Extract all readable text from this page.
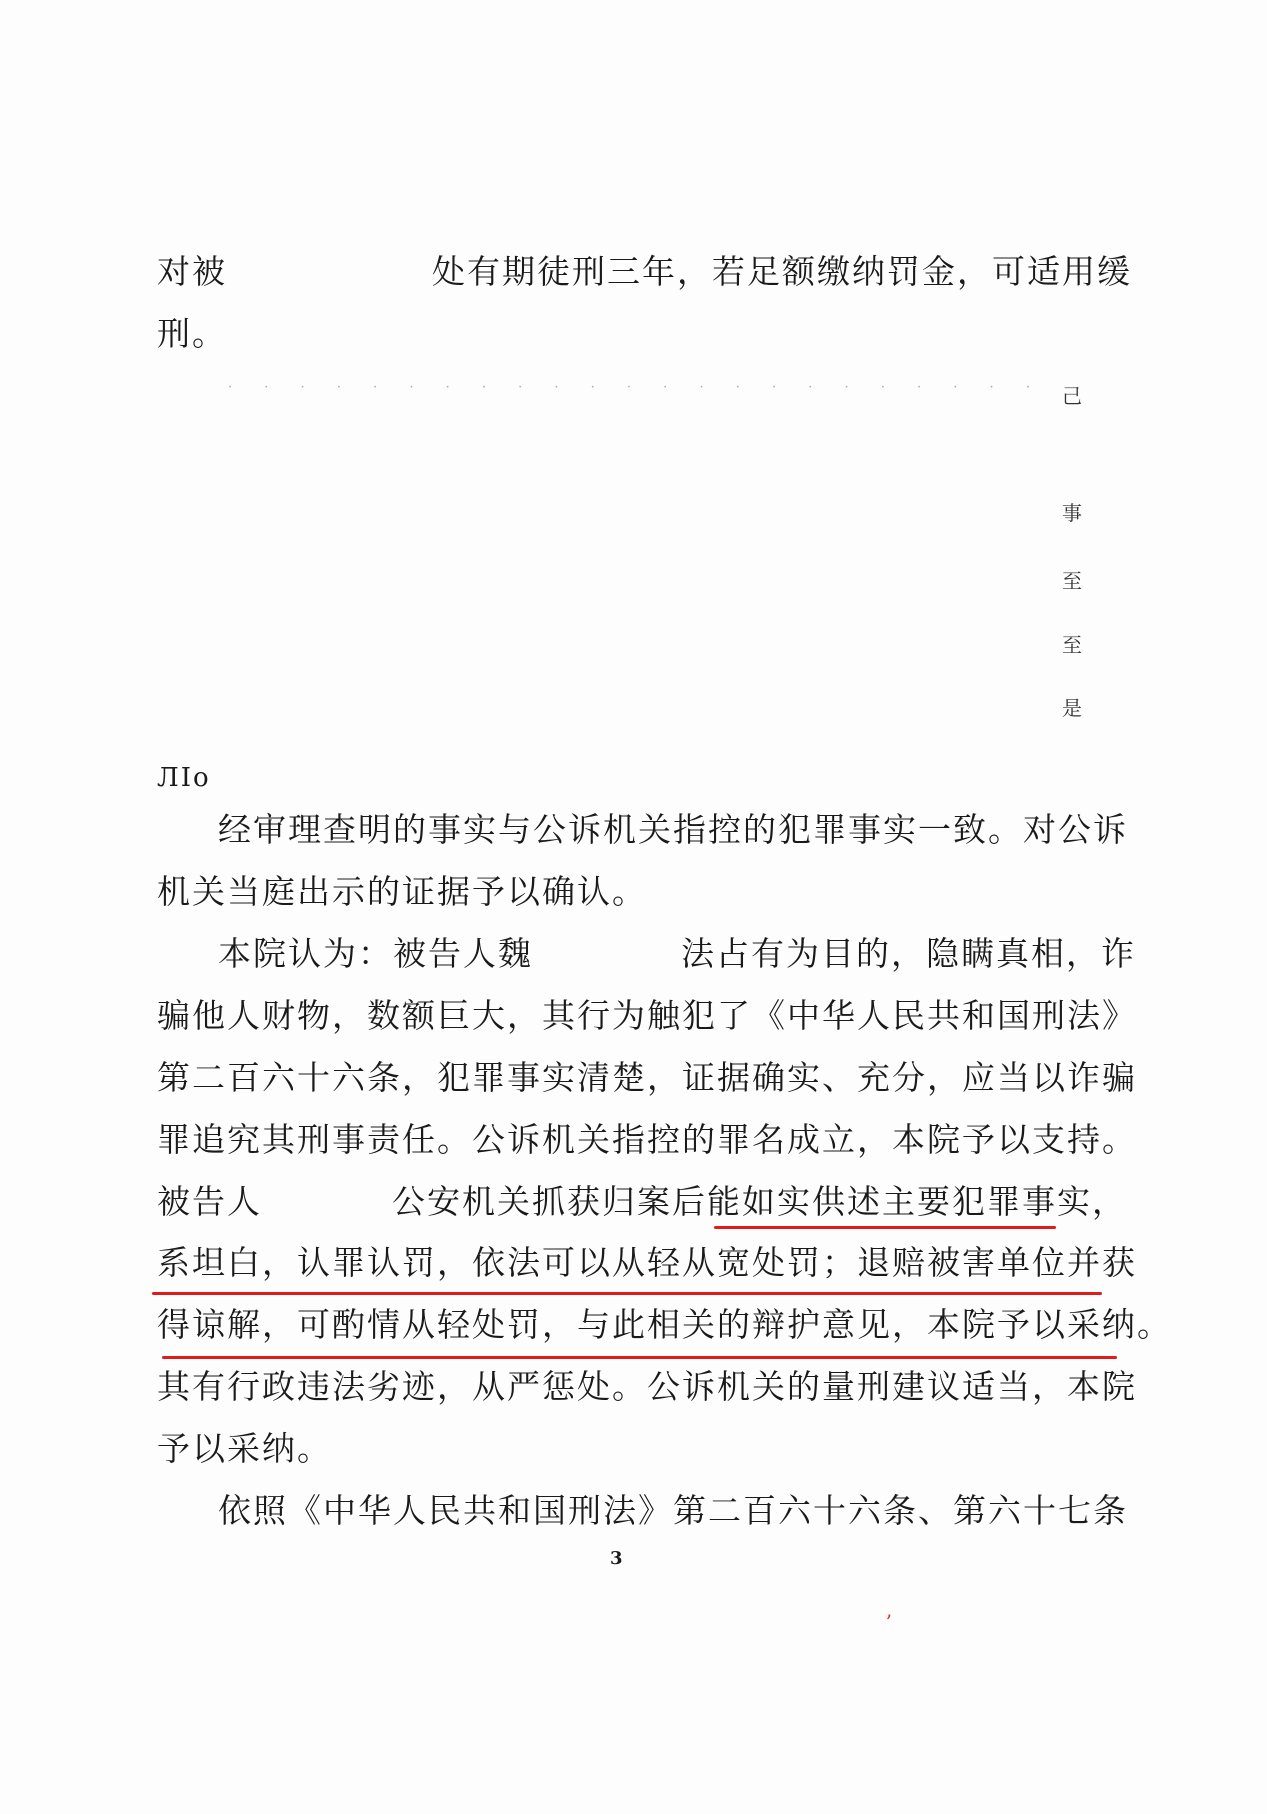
对被	处有期徒刑三年，若足额缴纳罚金，可适用缓
刑。
· · · · · · · · · · · · · · · · · · · · · · · 己
事
至
至
是
ЛΙο
经审理查明的事实与公诉机关指控的犯罪事实一致。对公诉
机关当庭出示的证据予以确认。
本院认为：被告人魏	法占有为目的，隐瞒真相，诈
骗他人财物，数额巨大，其行为触犯了《中华人民共和国刑法》
第二百六十六条，犯罪事实清楚，证据确实、充分，应当以诈骗
罪追究其刑事责任。公诉机关指控的罪名成立，本院予以支持。
被告人	公安机关抓获归案后能如实供述主要犯罪事实，
系坦白，认罪认罚，依法可以从轻从宽处罚；退赔被害单位并获
得谅解，可酌情从轻处罚，与此相关的辩护意见，本院予以采纳。
其有行政违法劣迹，从严惩处。公诉机关的量刑建议适当，本院
予以采纳。
依照《中华人民共和国刑法》第二百六十六条、第六十七条
3
ʼ
